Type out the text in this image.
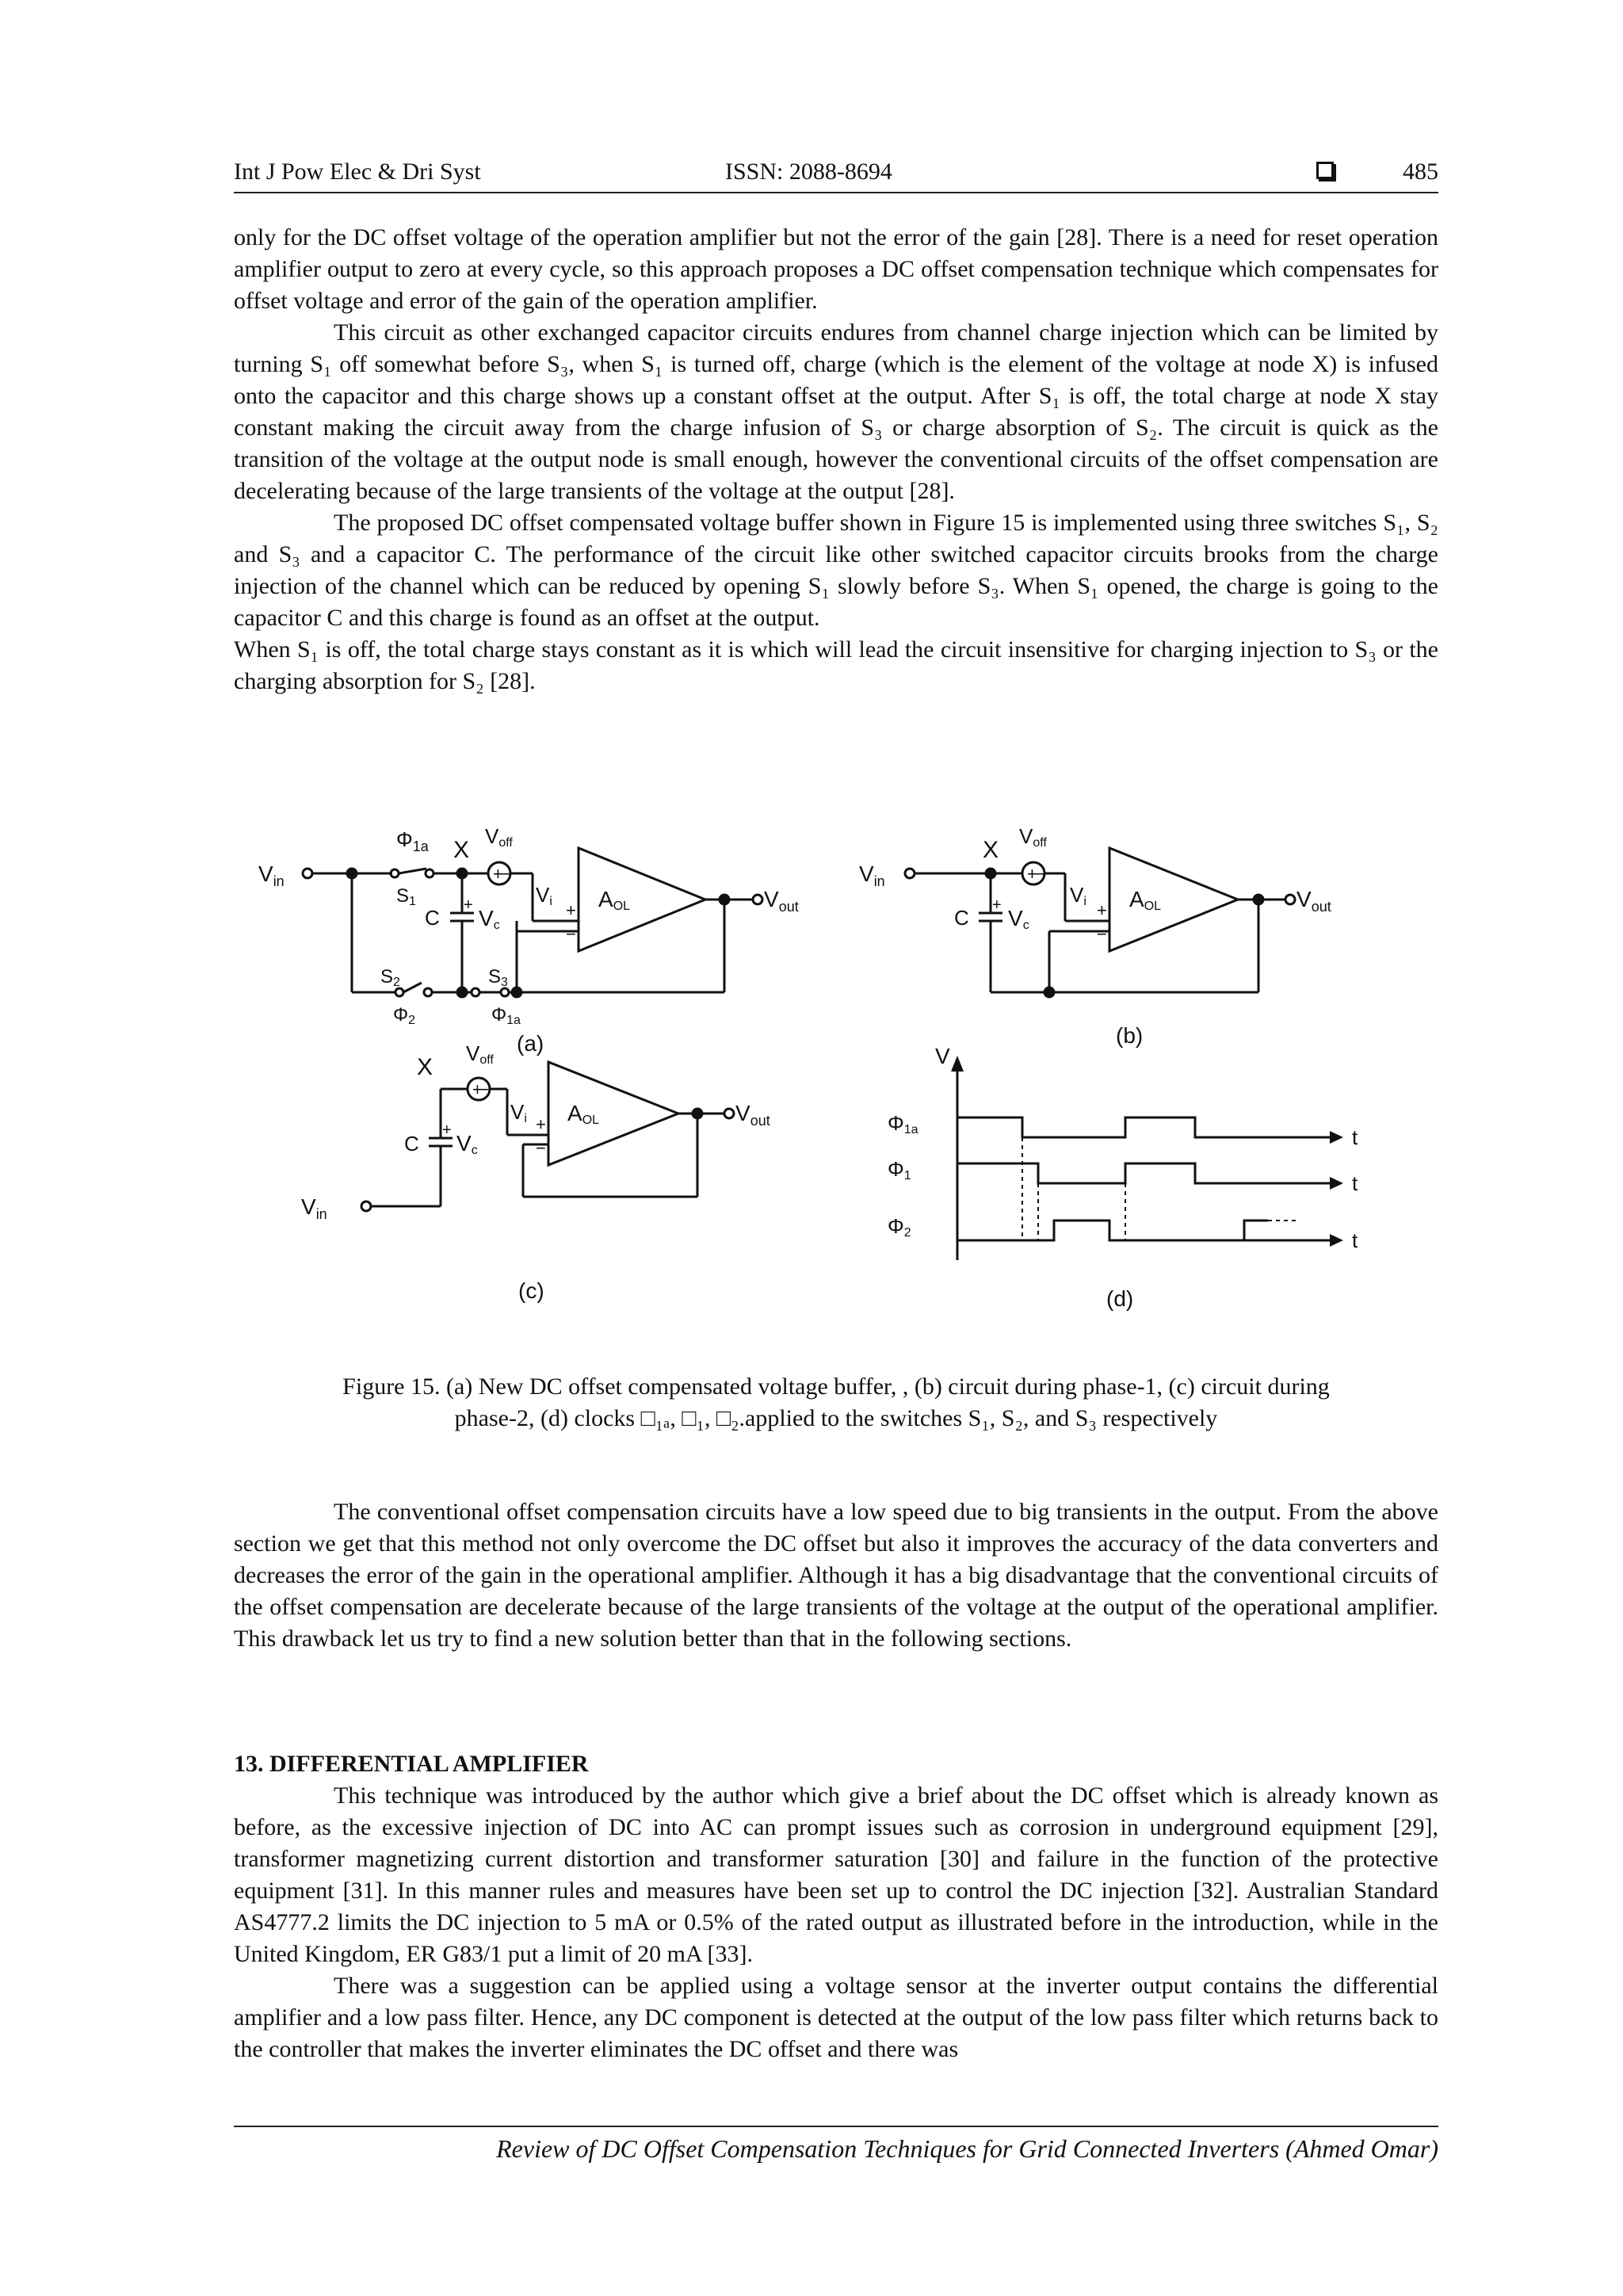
Int J Pow Elec & Dri Syst	ISSN: 2088-8694	485

only for the DC offset voltage of the operation amplifier but not the error of the gain [28]. There is a need for reset operation amplifier output to zero at every cycle, so this approach proposes a DC offset compensation technique which compensates for offset voltage and error of the gain of the operation amplifier.

This circuit as other exchanged capacitor circuits endures from channel charge injection which can be limited by turning S₁ off somewhat before S₃, when S₁ is turned off, charge (which is the element of the voltage at node X) is infused onto the capacitor and this charge shows up a constant offset at the output. After S₁ is off, the total charge at node X stay constant making the circuit away from the charge infusion of S₃ or charge absorption of S₂. The circuit is quick as the transition of the voltage at the output node is small enough, however the conventional circuits of the offset compensation are decelerating because of the large transients of the voltage at the output [28].

The proposed DC offset compensated voltage buffer shown in Figure 15 is implemented using three switches S₁, S₂ and S₃ and a capacitor C. The performance of the circuit like other switched capacitor circuits brooks from the charge injection of the channel which can be reduced by opening S₁ slowly before S₃. When S₁ opened, the charge is going to the capacitor C and this charge is found as an offset at the output.

When S₁ is off, the total charge stays constant as it is which will lead the circuit insensitive for charging injection to S₃ or the charging absorption for S₂ [28].

$V_{in}$
$\Phi_{1a}$ X
Voff
+
−
S1
C
+
Vc
Vi +
−
AOL	$V_{out}$
S2	S3
Φ2	Φ1a
(a)
$V_{in}$
X
Voff
+
−
C
+
Vc
Vi +
−
AOL	$V_{out}$
(b)
X
Voff
+
−
C
+
Vc
Vi +
−
AOL	$V_{out}$
$V_{in}$
(c)
V
Φ1a
Φ1
Φ2
t
t
t
(d)
Figure 15. (a) New DC offset compensated voltage buffer, , (b) circuit during phase-1, (c) circuit during
phase-2, (d) clocks □₁ₐ, □₁, □₂.applied to the switches S₁, S₂, and S₃ respectively

The conventional offset compensation circuits have a low speed due to big transients in the output. From the above section we get that this method not only overcome the DC offset but also it improves the accuracy of the data converters and decreases the error of the gain in the operational amplifier. Although it has a big disadvantage that the conventional circuits of the offset compensation are decelerate because of the large transients of the voltage at the output of the operational amplifier. This drawback let us try to find a new solution better than that in the following sections.

13. DIFFERENTIAL AMPLIFIER

This technique was introduced by the author which give a brief about the DC offset which is already known as before, as the excessive injection of DC into AC can prompt issues such as corrosion in underground equipment [29], transformer magnetizing current distortion and transformer saturation [30] and failure in the function of the protective equipment [31]. In this manner rules and measures have been set up to control the DC injection [32]. Australian Standard AS4777.2 limits the DC injection to 5 mA or 0.5% of the rated output as illustrated before in the introduction, while in the United Kingdom, ER G83/1 put a limit of 20 mA [33].

There was a suggestion can be applied using a voltage sensor at the inverter output contains the differential amplifier and a low pass filter. Hence, any DC component is detected at the output of the low pass filter which returns back to the controller that makes the inverter eliminates the DC offset and there was

Review of DC Offset Compensation Techniques for Grid Connected Inverters (Ahmed Omar)
